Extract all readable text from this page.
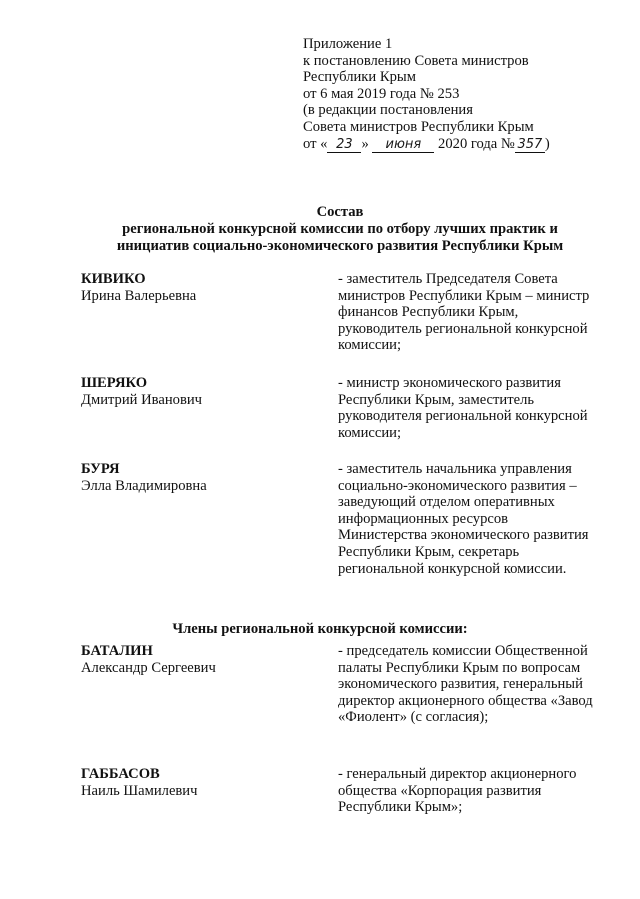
Приложение 1
к постановлению Совета министров
Республики Крым
от 6 мая 2019 года № 253
(в редакции постановления
Совета министров Республики Крым
от « 23 » июня 2020 года № 357 )
Состав
региональной конкурсной комиссии по отбору лучших практик и
инициатив социально-экономического развития Республики Крым
КИВИКО
Ирина Валерьевна
- заместитель Председателя Совета министров Республики Крым – министр финансов Республики Крым, руководитель региональной конкурсной комиссии;
ШЕРЯКО
Дмитрий Иванович
- министр экономического развития Республики Крым, заместитель руководителя региональной конкурсной комиссии;
БУРЯ
Элла Владимировна
- заместитель начальника управления социально-экономического развития – заведующий отделом оперативных информационных ресурсов Министерства экономического развития Республики Крым, секретарь региональной конкурсной комиссии.
Члены региональной конкурсной комиссии:
БАТАЛИН
Александр Сергеевич
- председатель комиссии Общественной палаты Республики Крым по вопросам экономического развития, генеральный директор акционерного общества «Завод «Фиолент» (с согласия);
ГАББАСОВ
Наиль Шамилевич
- генеральный директор акционерного общества «Корпорация развития Республики Крым»;
